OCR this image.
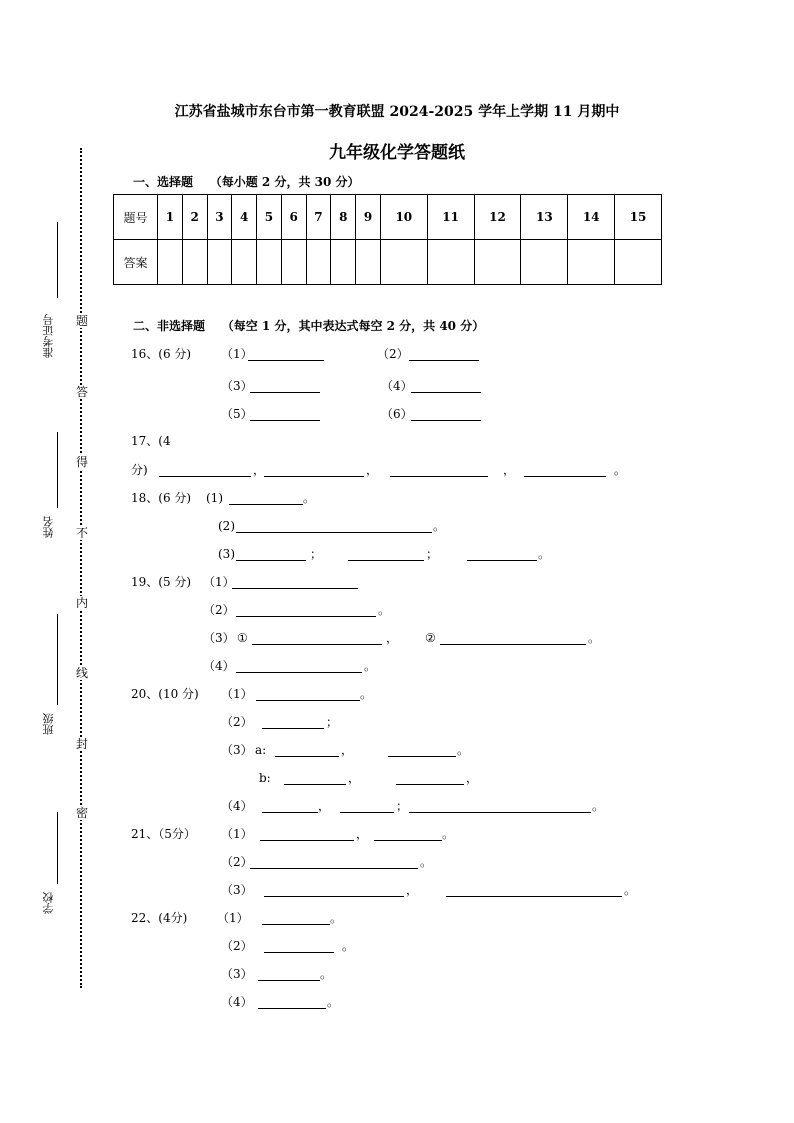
江苏省盐城市东台市第一教育联盟 2024-2025 学年上学期 11 月期中
九年级化学答题纸
一、选择题 （每小题 2 分，共 30 分）
题号	1	2	3	4	5	6	7	8	9	10	11	12	13	14	15
答案															
二、非选择题 （每空 1 分，其中表达式每空 2 分，共 40 分）
16、(6 分) （1）	（2）
（3）	（4）
（5）	（6）
17、(4
分)	，	，	，	。
18、(6 分) (1)	。
(2)	。
(3)	；	；	。
19、(5 分) （1）
（2）	。
（3） ①	， ②	。
（4）	。
20、(10 分) （1）	。
（2）	；
（3） a:	，	。
b:	，	，
（4）	，	；	。
21、（5分） （1）	，	。
（2）	。
（3）	，	。
22、(4分) （1）	。
（2）	。
（3）	。
（4）	。
准考证号
姓名
班级
学校
题
答
得
不
内
线
封
密
